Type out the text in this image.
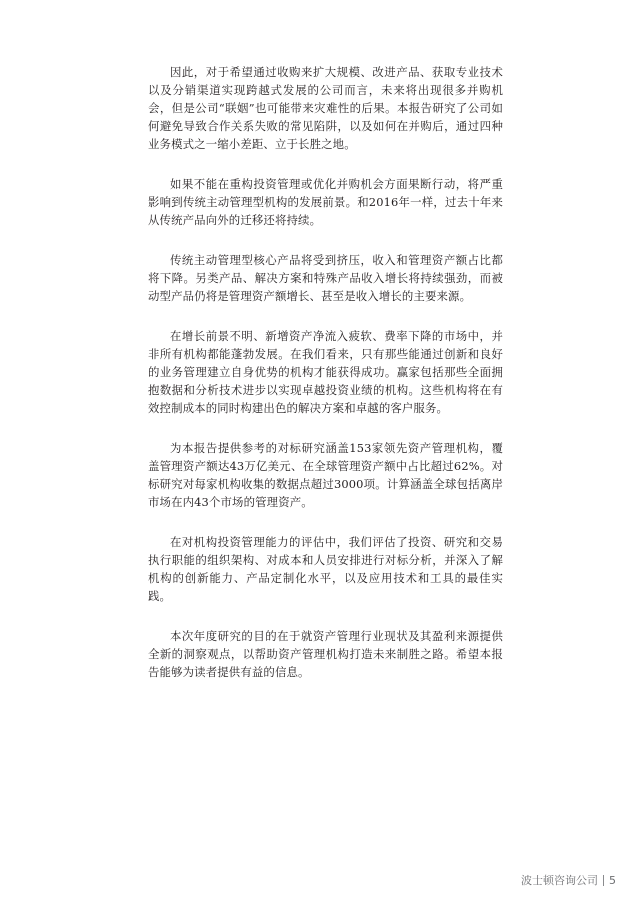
因此，对于希望通过收购来扩大规模、改进产品、获取专业技术以及分销渠道实现跨越式发展的公司而言，未来将出现很多并购机会，但是公司“联姻”也可能带来灾难性的后果。本报告研究了公司如何避免导致合作关系失败的常见陷阱，以及如何在并购后，通过四种业务模式之一缩小差距、立于长胜之地。

如果不能在重构投资管理或优化并购机会方面果断行动，将严重影响到传统主动管理型机构的发展前景。和2016年一样，过去十年来从传统产品向外的迁移还将持续。

传统主动管理型核心产品将受到挤压，收入和管理资产额占比都将下降。另类产品、解决方案和特殊产品收入增长将持续强劲，而被动型产品仍将是管理资产额增长、甚至是收入增长的主要来源。

在增长前景不明、新增资产净流入疲软、费率下降的市场中，并非所有机构都能蓬勃发展。在我们看来，只有那些能通过创新和良好的业务管理建立自身优势的机构才能获得成功。赢家包括那些全面拥抱数据和分析技术进步以实现卓越投资业绩的机构。这些机构将在有效控制成本的同时构建出色的解决方案和卓越的客户服务。

为本报告提供参考的对标研究涵盖153家领先资产管理机构，覆盖管理资产额达43万亿美元、在全球管理资产额中占比超过62%。对标研究对每家机构收集的数据点超过3000项。计算涵盖全球包括离岸市场在内43个市场的管理资产。

在对机构投资管理能力的评估中，我们评估了投资、研究和交易执行职能的组织架构、对成本和人员安排进行对标分析，并深入了解机构的创新能力、产品定制化水平，以及应用技术和工具的最佳实践。

本次年度研究的目的在于就资产管理行业现状及其盈利来源提供全新的洞察观点，以帮助资产管理机构打造未来制胜之路。希望本报告能够为读者提供有益的信息。

波士顿咨询公司 5
